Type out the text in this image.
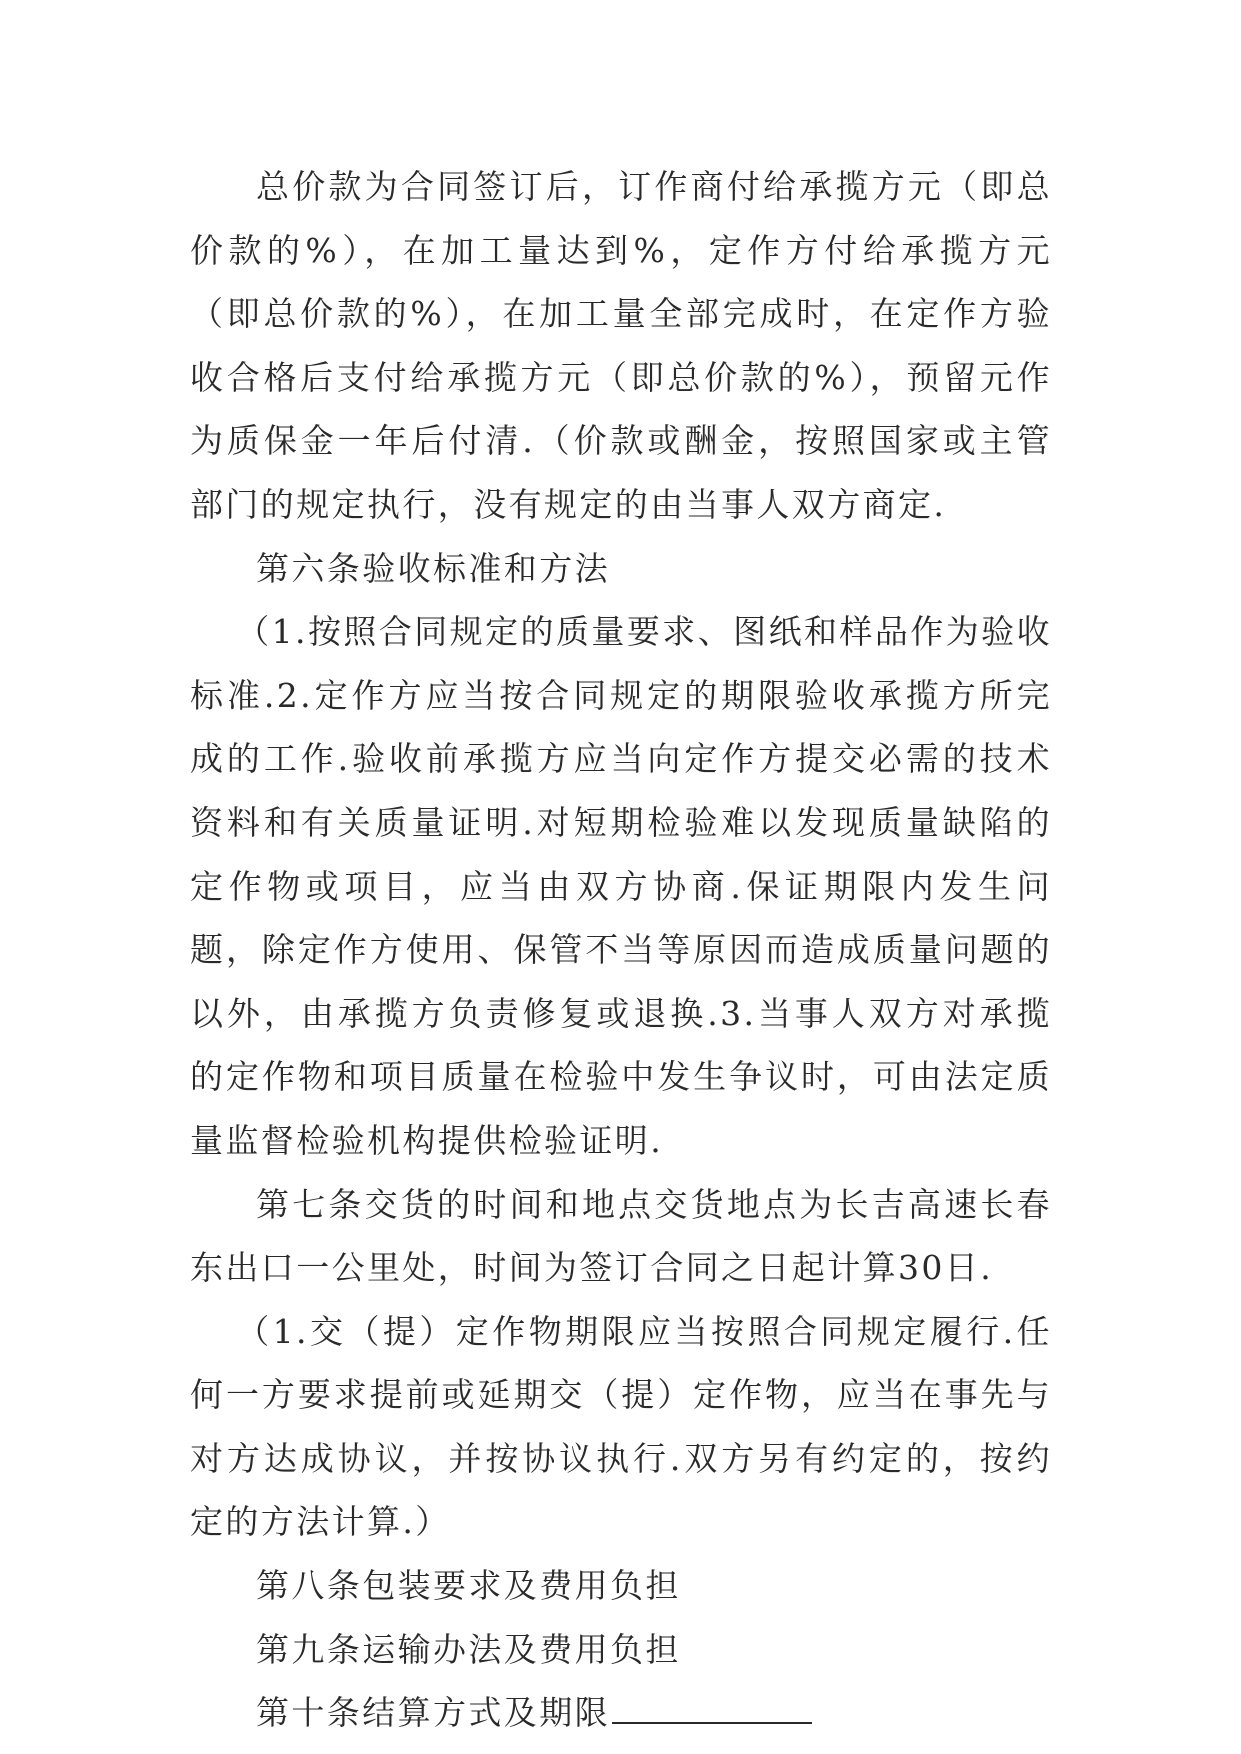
总价款为合同签订后，订作商付给承揽方元（即总价款的%），在加工量达到%，定作方付给承揽方元（即总价款的%），在加工量全部完成时，在定作方验收合格后支付给承揽方元（即总价款的%），预留元作为质保金一年后付清.（价款或酬金，按照国家或主管部门的规定执行，没有规定的由当事人双方商定.

第六条验收标准和方法

（1.按照合同规定的质量要求、图纸和样品作为验收标准.2.定作方应当按合同规定的期限验收承揽方所完成的工作.验收前承揽方应当向定作方提交必需的技术资料和有关质量证明.对短期检验难以发现质量缺陷的定作物或项目，应当由双方协商.保证期限内发生问题，除定作方使用、保管不当等原因而造成质量问题的以外，由承揽方负责修复或退换.3.当事人双方对承揽的定作物和项目质量在检验中发生争议时，可由法定质量监督检验机构提供检验证明.

第七条交货的时间和地点交货地点为长吉高速长春东出口一公里处，时间为签订合同之日起计算30日.

（1.交（提）定作物期限应当按照合同规定履行.任何一方要求提前或延期交（提）定作物，应当在事先与对方达成协议，并按协议执行.双方另有约定的，按约定的方法计算.）

第八条包装要求及费用负担

第九条运输办法及费用负担

第十条结算方式及期限
